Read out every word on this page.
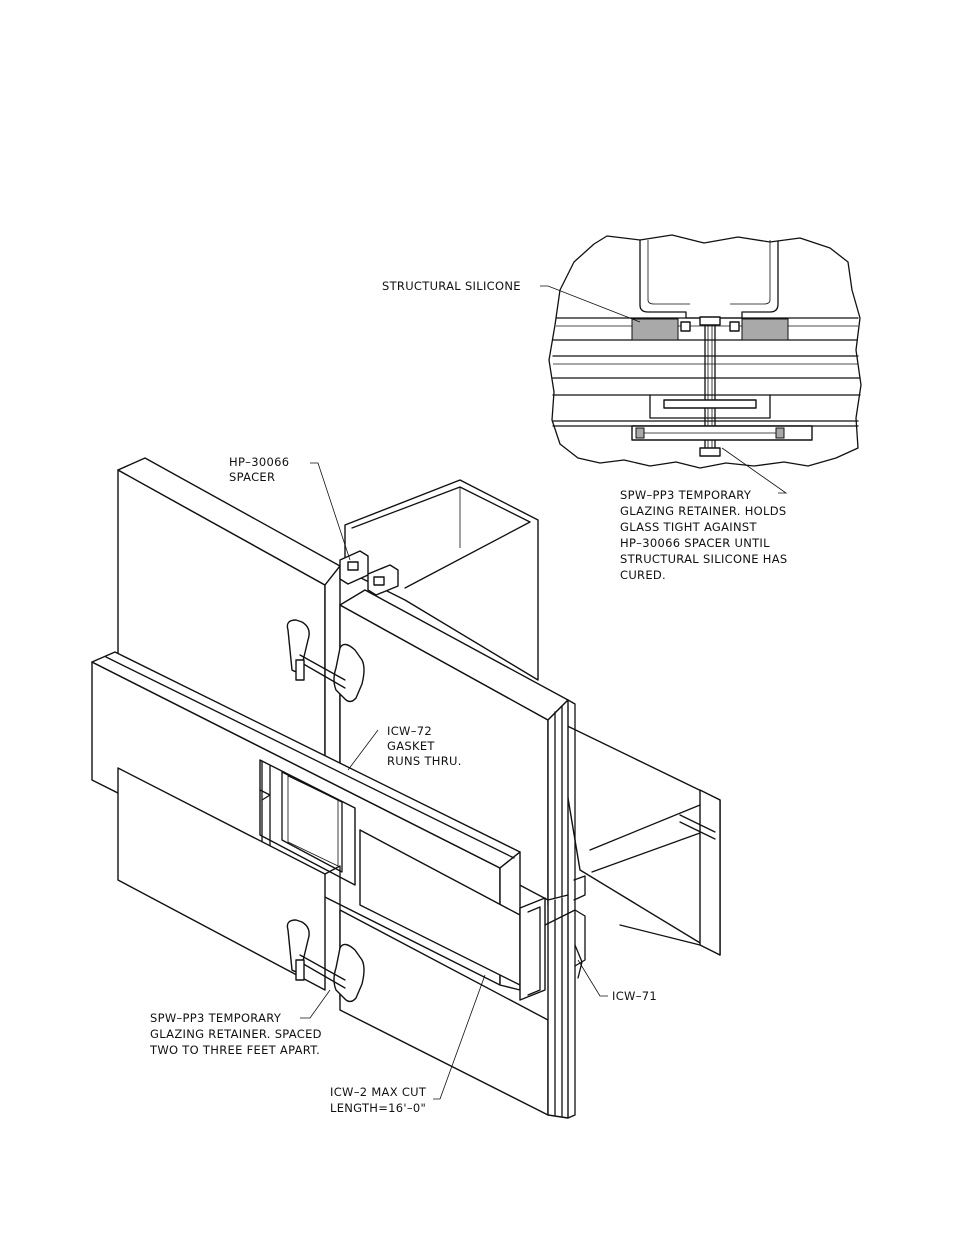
STRUCTURAL SILICONE
HP–30066
SPACER
SPW–PP3 TEMPORARY
GLAZING RETAINER. HOLDS
GLASS TIGHT AGAINST
HP–30066 SPACER UNTIL
STRUCTURAL SILICONE HAS
CURED.
ICW–72
GASKET
RUNS THRU.
ICW–71
SPW–PP3 TEMPORARY
GLAZING RETAINER. SPACED
TWO TO THREE FEET APART.
ICW–2 MAX CUT
LENGTH=16'–0"
